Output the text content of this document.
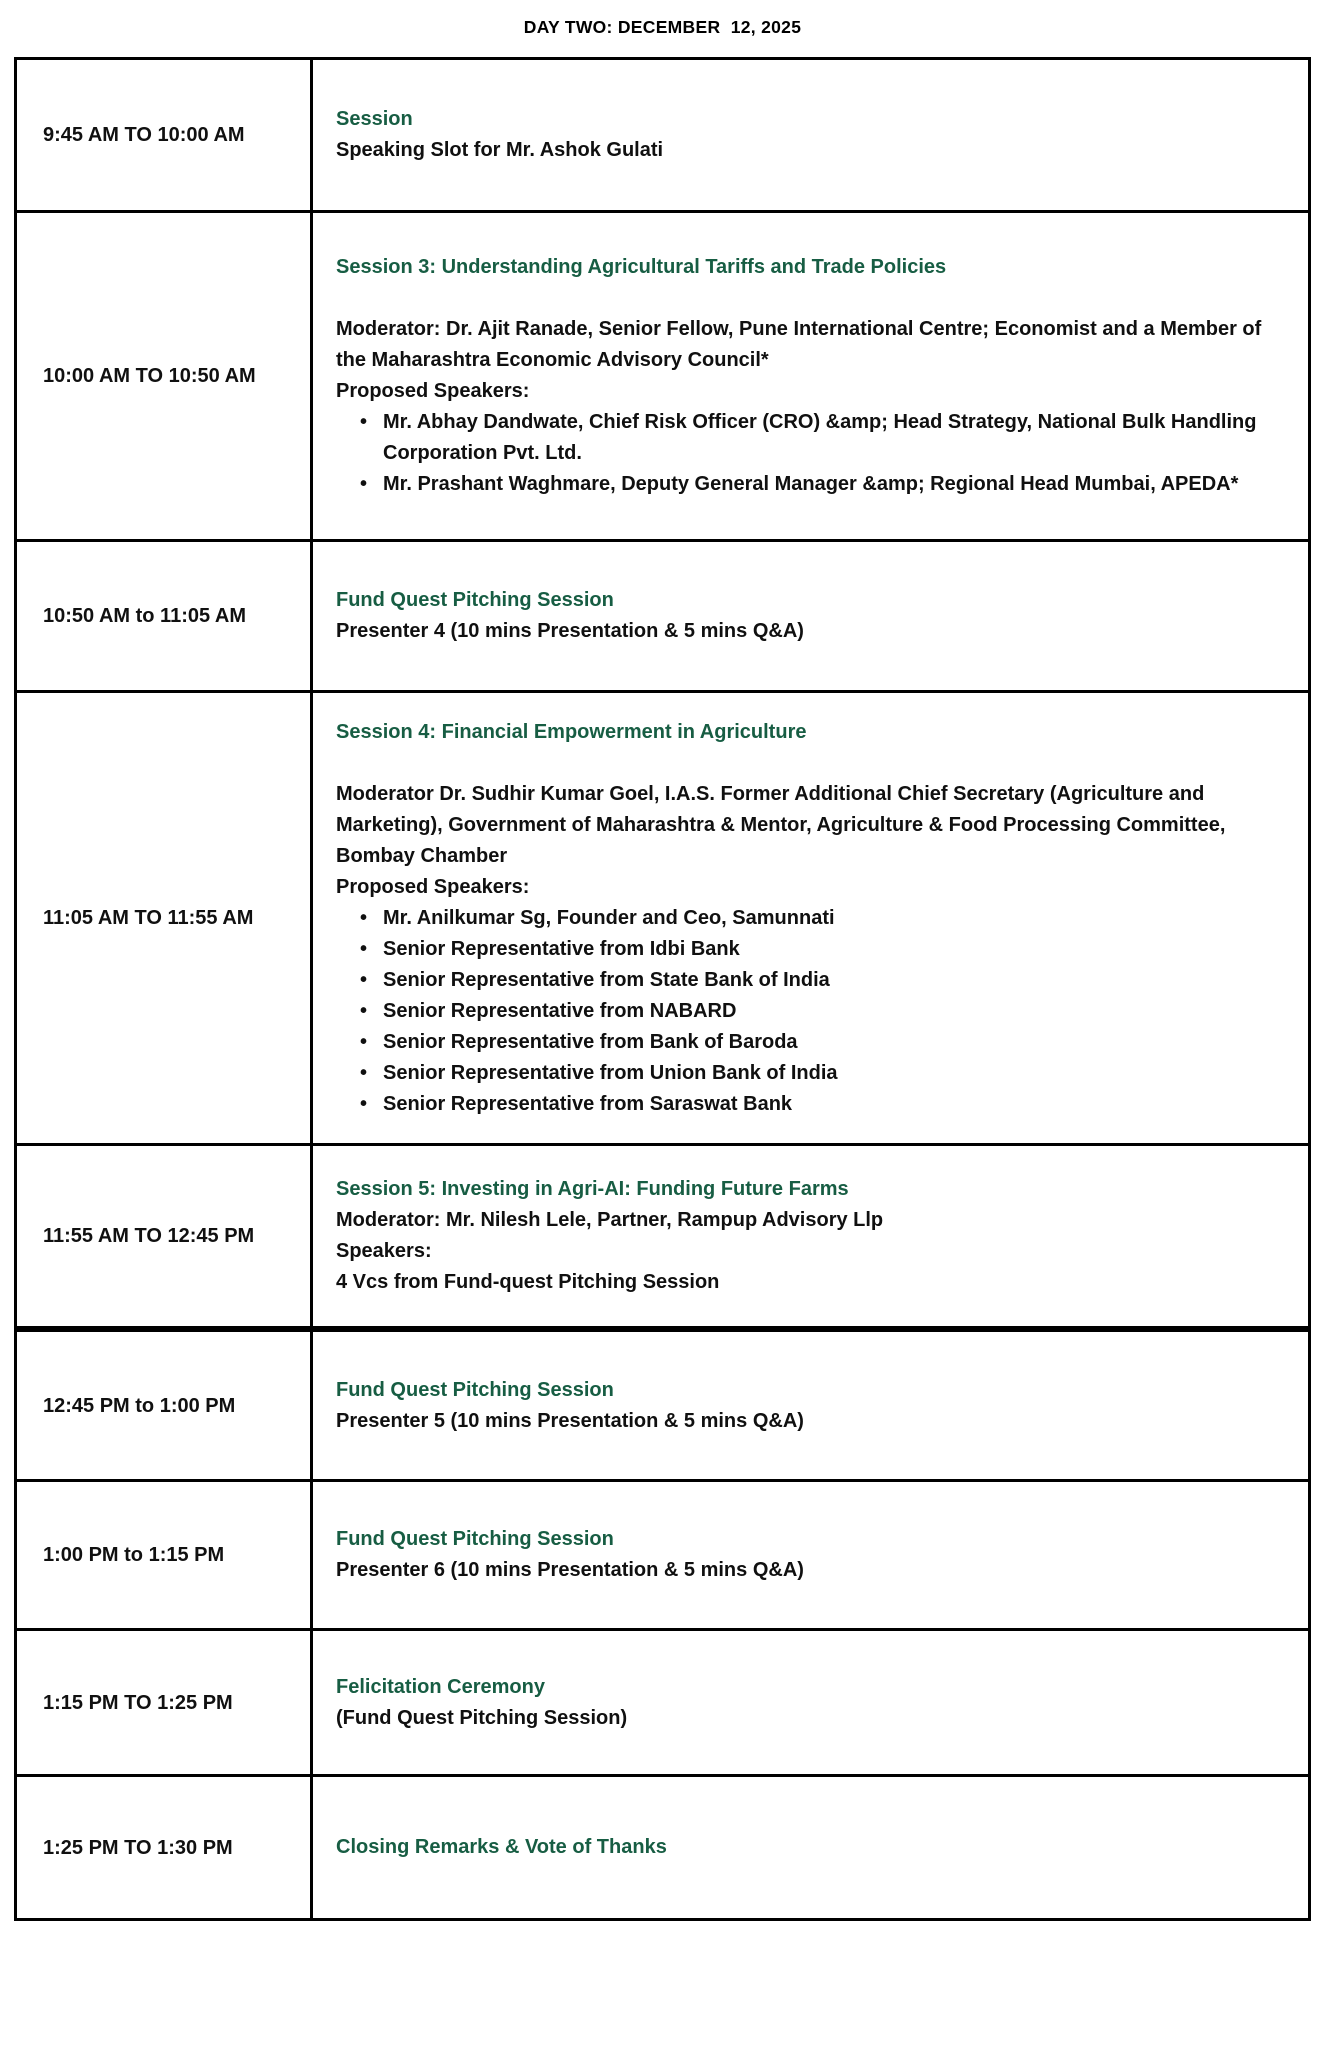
DAY TWO: DECEMBER  12, 2025
9:45 AM TO 10:00 AM
Session
Speaking Slot for Mr. Ashok Gulati
10:00 AM TO 10:50 AM
Session 3: Understanding Agricultural Tariffs and Trade Policies
Moderator: Dr. Ajit Ranade, Senior Fellow, Pune International Centre; Economist and a Member of the Maharashtra Economic Advisory Council*
Proposed Speakers:
• Mr. Abhay Dandwate, Chief Risk Officer (CRO) &amp; Head Strategy, National Bulk Handling Corporation Pvt. Ltd.
• Mr. Prashant Waghmare, Deputy General Manager &amp; Regional Head Mumbai, APEDA*
10:50 AM to 11:05 AM
Fund Quest Pitching Session
Presenter 4 (10 mins Presentation & 5 mins Q&A)
11:05 AM TO 11:55 AM
Session 4: Financial Empowerment in Agriculture
Moderator Dr. Sudhir Kumar Goel, I.A.S. Former Additional Chief Secretary (Agriculture and Marketing), Government of Maharashtra & Mentor, Agriculture & Food Processing Committee, Bombay Chamber
Proposed Speakers:
• Mr. Anilkumar Sg, Founder and Ceo, Samunnati
• Senior Representative from Idbi Bank
• Senior Representative from State Bank of India
• Senior Representative from NABARD
• Senior Representative from Bank of Baroda
• Senior Representative from Union Bank of India
• Senior Representative from Saraswat Bank
11:55 AM TO 12:45 PM
Session 5: Investing in Agri-AI: Funding Future Farms
Moderator: Mr. Nilesh Lele, Partner, Rampup Advisory Llp
Speakers:
4 Vcs from Fund-quest Pitching Session
12:45 PM to 1:00 PM
Fund Quest Pitching Session
Presenter 5 (10 mins Presentation & 5 mins Q&A)
1:00 PM to 1:15 PM
Fund Quest Pitching Session
Presenter 6 (10 mins Presentation & 5 mins Q&A)
1:15 PM TO 1:25 PM
Felicitation Ceremony
(Fund Quest Pitching Session)
1:25 PM TO 1:30 PM	Closing Remarks & Vote of Thanks
